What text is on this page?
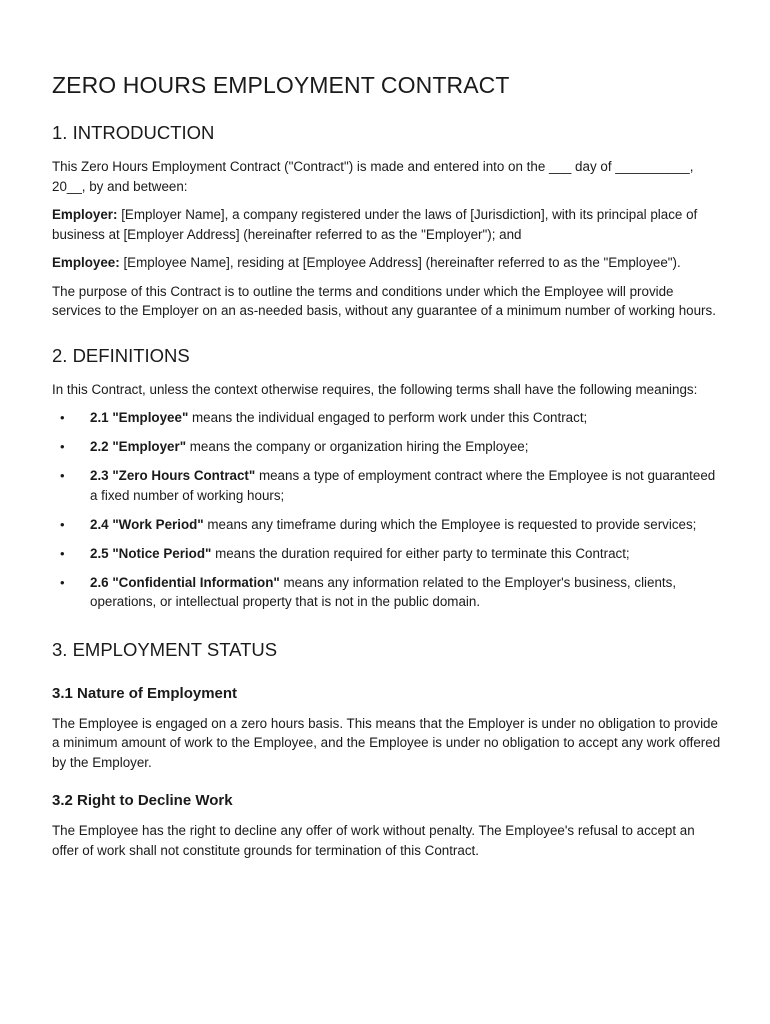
ZERO HOURS EMPLOYMENT CONTRACT
1. INTRODUCTION

This Zero Hours Employment Contract ("Contract") is made and entered into on the ___ day of __________, 20__, by and between:

Employer: [Employer Name], a company registered under the laws of [Jurisdiction], with its principal place of business at [Employer Address] (hereinafter referred to as the "Employer"); and

Employee: [Employee Name], residing at [Employee Address] (hereinafter referred to as the "Employee").

The purpose of this Contract is to outline the terms and conditions under which the Employee will provide services to the Employer on an as-needed basis, without any guarantee of a minimum number of working hours.

2. DEFINITIONS

In this Contract, unless the context otherwise requires, the following terms shall have the following meanings:

• 2.1 "Employee" means the individual engaged to perform work under this Contract;
• 2.2 "Employer" means the company or organization hiring the Employee;
• 2.3 "Zero Hours Contract" means a type of employment contract where the Employee is not guaranteed a fixed number of working hours;
• 2.4 "Work Period" means any timeframe during which the Employee is requested to provide services;
• 2.5 "Notice Period" means the duration required for either party to terminate this Contract;
• 2.6 "Confidential Information" means any information related to the Employer's business, clients, operations, or intellectual property that is not in the public domain.
3. EMPLOYMENT STATUS
3.1 Nature of Employment

The Employee is engaged on a zero hours basis. This means that the Employer is under no obligation to provide a minimum amount of work to the Employee, and the Employee is under no obligation to accept any work offered by the Employer.

3.2 Right to Decline Work

The Employee has the right to decline any offer of work without penalty. The Employee's refusal to accept an offer of work shall not constitute grounds for termination of this Contract.
